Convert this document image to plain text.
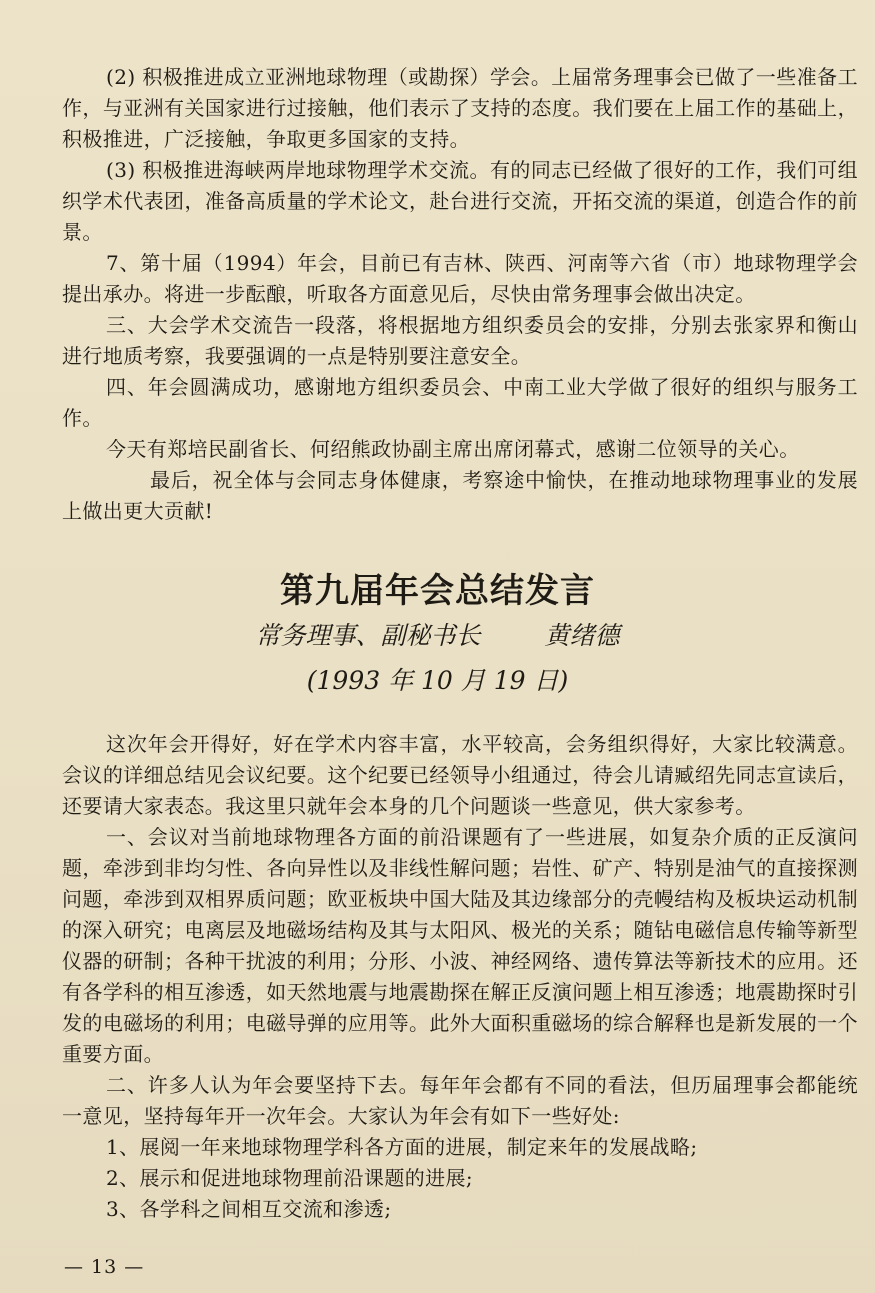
(2) 积极推进成立亚洲地球物理（或勘探）学会。上届常务理事会已做了一些准备工作，与亚洲有关国家进行过接触，他们表示了支持的态度。我们要在上届工作的基础上，积极推进，广泛接触，争取更多国家的支持。

(3) 积极推进海峡两岸地球物理学术交流。有的同志已经做了很好的工作，我们可组织学术代表团，准备高质量的学术论文，赴台进行交流，开拓交流的渠道，创造合作的前景。

7、第十届（1994）年会，目前已有吉林、陕西、河南等六省（市）地球物理学会提出承办。将进一步酝酿，听取各方面意见后，尽快由常务理事会做出决定。

三、大会学术交流告一段落，将根据地方组织委员会的安排，分别去张家界和衡山进行地质考察，我要强调的一点是特别要注意安全。

四、年会圆满成功，感谢地方组织委员会、中南工业大学做了很好的组织与服务工作。

今天有郑培民副省长、何绍熊政协副主席出席闭幕式，感谢二位领导的关心。

最后，祝全体与会同志身体健康，考察途中愉快，在推动地球物理事业的发展上做出更大贡献!

第九届年会总结发言
常务理事、副秘书长	黄绪德
(1993 年 10 月 19 日)

这次年会开得好，好在学术内容丰富，水平较高，会务组织得好，大家比较满意。会议的详细总结见会议纪要。这个纪要已经领导小组通过，待会儿请臧绍先同志宣读后，还要请大家表态。我这里只就年会本身的几个问题谈一些意见，供大家参考。

一、会议对当前地球物理各方面的前沿课题有了一些进展，如复杂介质的正反演问题，牵涉到非均匀性、各向异性以及非线性解问题；岩性、矿产、特别是油气的直接探测问题，牵涉到双相界质问题；欧亚板块中国大陆及其边缘部分的壳幔结构及板块运动机制的深入研究；电离层及地磁场结构及其与太阳风、极光的关系；随钻电磁信息传输等新型仪器的研制；各种干扰波的利用；分形、小波、神经网络、遗传算法等新技术的应用。还有各学科的相互渗透，如天然地震与地震勘探在解正反演问题上相互渗透；地震勘探时引发的电磁场的利用；电磁导弹的应用等。此外大面积重磁场的综合解释也是新发展的一个重要方面。

二、许多人认为年会要坚持下去。每年年会都有不同的看法，但历届理事会都能统一意见，坚持每年开一次年会。大家认为年会有如下一些好处:

1、展阅一年来地球物理学科各方面的进展，制定来年的发展战略;

2、展示和促进地球物理前沿课题的进展;

3、各学科之间相互交流和渗透;

— 13 —
